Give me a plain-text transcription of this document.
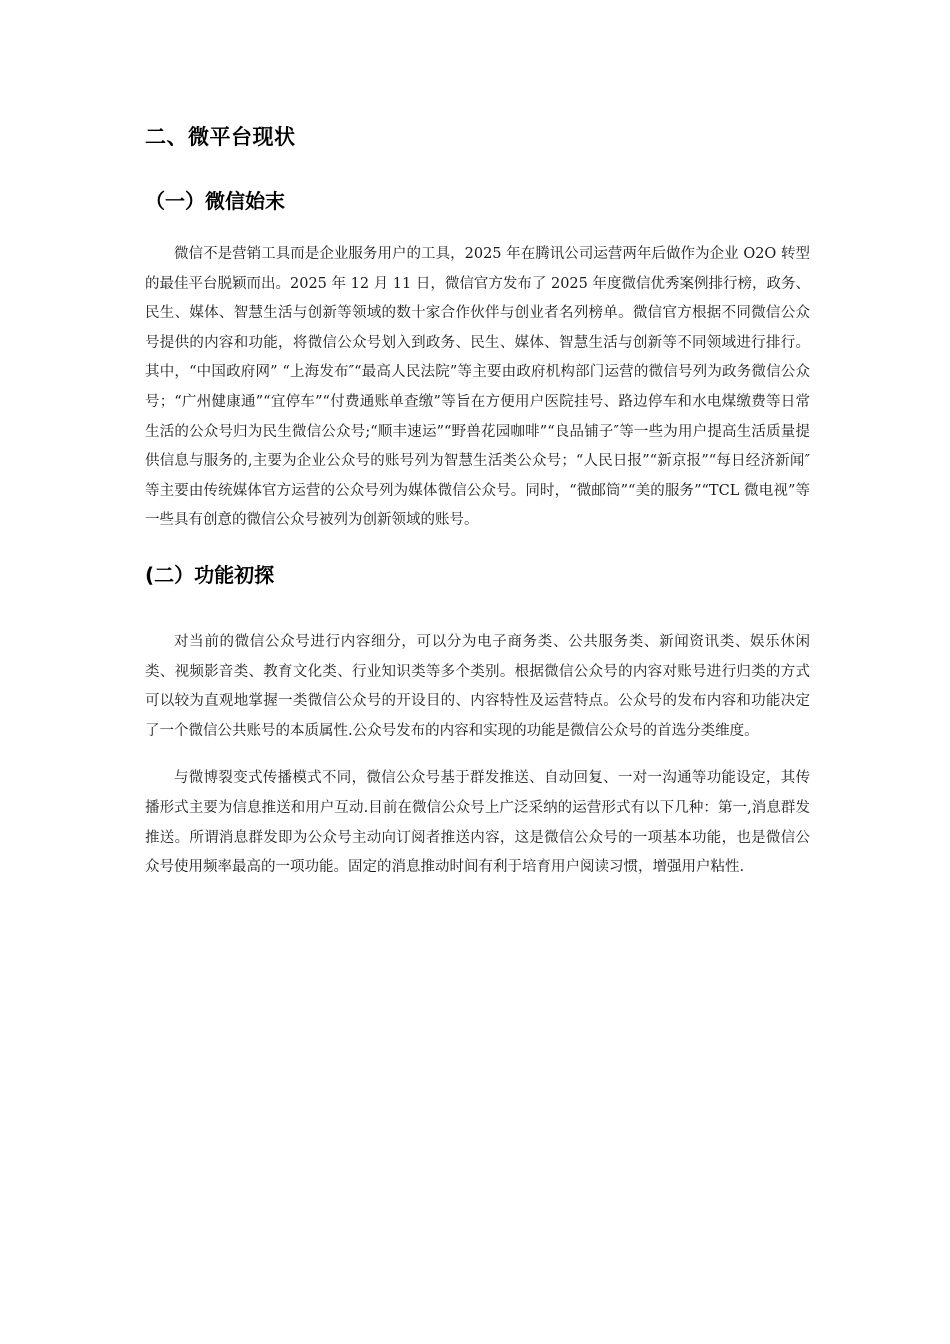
二、微平台现状
（一）微信始末

微信不是营销工具而是企业服务用户的工具，2025 年在腾讯公司运营两年后做作为企业 O2O 转型的最佳平台脱颖而出。2025 年 12 月 11 日，微信官方发布了 2025 年度微信优秀案例排行榜，政务、民生、媒体、智慧生活与创新等领域的数十家合作伙伴与创业者名列榜单。微信官方根据不同微信公众号提供的内容和功能，将微信公众号划入到政务、民生、媒体、智慧生活与创新等不同领域进行排行。其中，“中国政府网” “上海发布″“最高人民法院”等主要由政府机构部门运营的微信号列为政务微信公众号；“广州健康通”“宜停车”“付费通账单查缴”等旨在方便用户医院挂号、路边停车和水电煤缴费等日常生活的公众号归为民生微信公众号;“顺丰速运”“野兽花园咖啡”“良品铺子″等一些为用户提高生活质量提供信息与服务的,主要为企业公众号的账号列为智慧生活类公众号；“人民日报”“新京报”“每日经济新闻″等主要由传统媒体官方运营的公众号列为媒体微信公众号。同时，“微邮筒”“美的服务”“TCL 微电视”等一些具有创意的微信公众号被列为创新领域的账号。

(二）功能初探

对当前的微信公众号进行内容细分，可以分为电子商务类、公共服务类、新闻资讯类、娱乐休闲类、视频影音类、教育文化类、行业知识类等多个类别。根据微信公众号的内容对账号进行归类的方式可以较为直观地掌握一类微信公众号的开设目的、内容特性及运营特点。公众号的发布内容和功能决定了一个微信公共账号的本质属性.公众号发布的内容和实现的功能是微信公众号的首选分类维度。

与微博裂变式传播模式不同，微信公众号基于群发推送、自动回复、一对一沟通等功能设定，其传播形式主要为信息推送和用户互动.目前在微信公众号上广泛采纳的运营形式有以下几种：第一,消息群发推送。所谓消息群发即为公众号主动向订阅者推送内容，这是微信公众号的一项基本功能，也是微信公众号使用频率最高的一项功能。固定的消息推动时间有利于培育用户阅读习惯，增强用户粘性.
